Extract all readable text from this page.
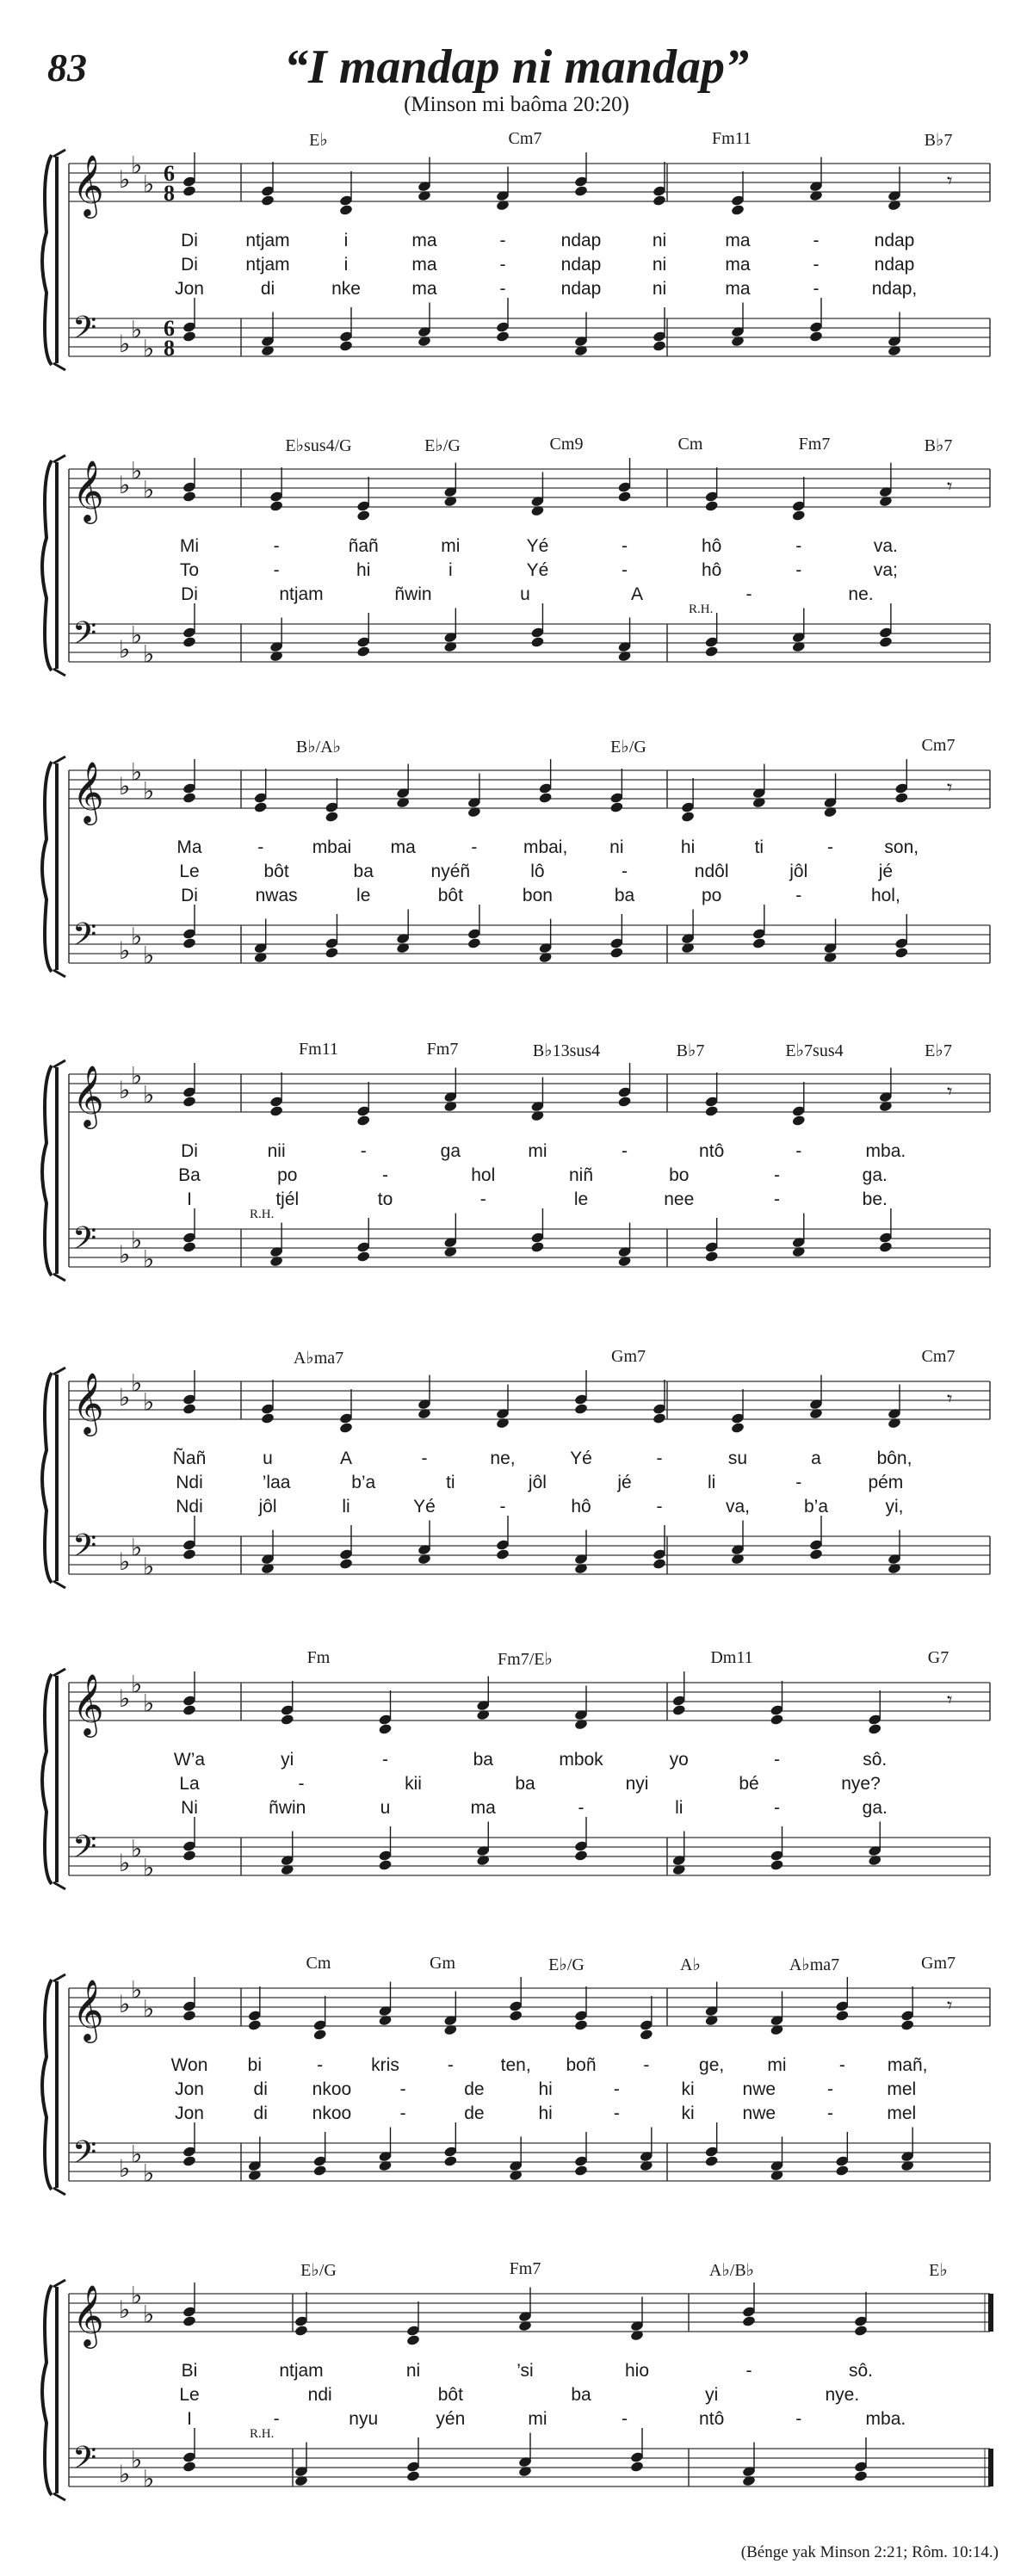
83	“I mandap ni mandap”
(Minson mi baôma 20:20)
𝄞 ♭ ♭
♭ 6
8
𝄢 ♭ ♭
♭
6
8
𝄾
E♭	Cm7	Fm11	B♭7
Di	ntjam	i	ma	-	ndap	ni	ma	-	ndap
Di	ntjam	i	ma	-	ndap	ni	ma	-	ndap
Jon	di	nke	ma	-	ndap	ni	ma	-	ndap,
𝄞 ♭ ♭
♭
𝄢 ♭ ♭
♭
𝄾
E♭sus4/G	E♭/G	Cm9	Cm	Fm7	B♭7
Mi	-	ñañ	mi	Yé	-	hô	-	va.
To	-	hi	i	Yé	-	hô	-	va;
Di	ntjam	ñwin	u	A	-	ne.
R.H.
𝄞 ♭ ♭
♭
𝄢 ♭ ♭
♭
𝄾
B♭/A♭	E♭/G	Cm7
Ma	-	mbai ma	-	mbai, ni	hi	ti	-	son,
Le	bôt	ba	nyéñ	lô	-	ndôl	jôl	jé
Di	nwas	le	bôt	bon	ba	po	-	hol,
𝄞 ♭ ♭
♭
𝄢 ♭ ♭
♭
𝄾
Fm11	Fm7	B♭13sus4	B♭7	E♭7sus4	E♭7
Di	nii	-	ga	mi	-	ntô	-	mba.
Ba	po	-	hol	niñ	bo	-	ga.
I	tjél	to	-	le	nee	-	be.
R.H.
𝄞 ♭ ♭
♭
𝄢 ♭ ♭
♭
𝄾
A♭ma7	Gm7	Cm7
Ñañ	u	A	-	ne,	Yé	-	su	a	bôn,
Ndi	’laa	b’a	ti	jôl	jé	li	-	pém
Ndi	jôl	li	Yé	-	hô	-	va,	b’a	yi,
𝄞 ♭ ♭
♭
𝄢 ♭ ♭
♭
𝄾
Fm	Fm7/E♭	Dm11	G7
W’a	yi	-	ba	mbok	yo	-	sô.
La	-	kii	ba	nyi	bé	nye?
Ni	ñwin	u	ma	-	li	-	ga.
𝄞 ♭ ♭
♭
𝄢 ♭ ♭
♭
𝄾
Cm	Gm	E♭/G	A♭	A♭ma7	Gm7
Won bi	-	kris	-	ten, boñ	-	ge, mi	- mañ,
Jon	di nkoo	-	de	hi	-	ki	nwe	-	mel
Jon	di nkoo	-	de	hi	-	ki	nwe	-	mel
𝄞 ♭ ♭
♭
𝄢 ♭ ♭
♭
E♭/G	Fm7	A♭/B♭	E♭
Bi	ntjam	ni	’si	hio	-	sô.
Le	ndi	bôt	ba	yi	nye.
I	-	nyu	yén	mi	-	ntô	-	mba.
R.H.
(Bénge yak Minson 2:21; Rôm. 10:14.)
